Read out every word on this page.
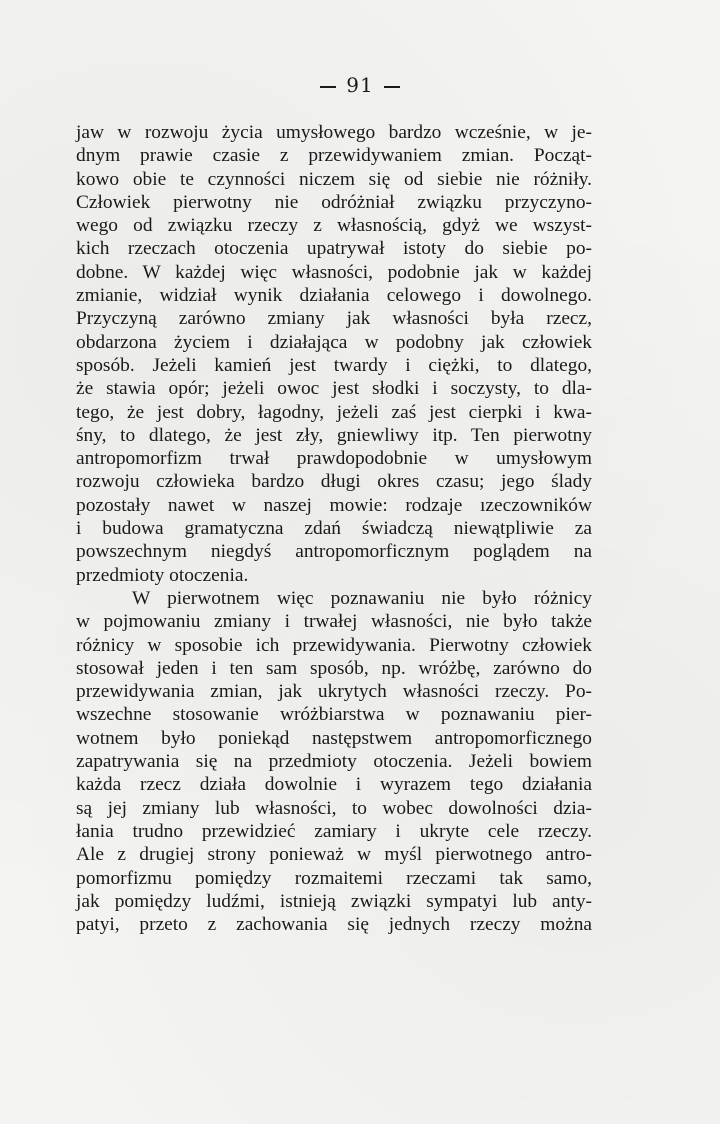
91
jaw w rozwoju życia umysłowego bardzo wcześnie, w je-
dnym prawie czasie z przewidywaniem zmian. Począt-
kowo obie te czynności niczem się od siebie nie różniły.
Człowiek pierwotny nie odróżniał związku przyczyno-
wego od związku rzeczy z własnością, gdyż we wszyst-
kich rzeczach otoczenia upatrywał istoty do siebie po-
dobne. W każdej więc własności, podobnie jak w każdej
zmianie, widział wynik działania celowego i dowolnego.
Przyczyną zarówno zmiany jak własności była rzecz,
obdarzona życiem i działająca w podobny jak człowiek
sposób. Jeżeli kamień jest twardy i ciężki, to dlatego,
że stawia opór; jeżeli owoc jest słodki i soczysty, to dla-
tego, że jest dobry, łagodny, jeżeli zaś jest cierpki i kwa-
śny, to dlatego, że jest zły, gniewliwy itp. Ten pierwotny
antropomorfizm trwał prawdopodobnie w umysłowym
rozwoju człowieka bardzo długi okres czasu; jego ślady
pozostały nawet w naszej mowie: rodzaje ızeczowników
i budowa gramatyczna zdań świadczą niewątpliwie za
powszechnym niegdyś antropomorficznym poglądem na
przedmioty otoczenia.
W pierwotnem więc poznawaniu nie było różnicy
w pojmowaniu zmiany i trwałej własności, nie było także
różnicy w sposobie ich przewidywania. Pierwotny człowiek
stosował jeden i ten sam sposób, np. wróżbę, zarówno do
przewidywania zmian, jak ukrytych własności rzeczy. Po-
wszechne stosowanie wróżbiarstwa w poznawaniu pier-
wotnem było poniekąd następstwem antropomorficznego
zapatrywania się na przedmioty otoczenia. Jeżeli bowiem
każda rzecz działa dowolnie i wyrazem tego działania
są jej zmiany lub własności, to wobec dowolności dzia-
łania trudno przewidzieć zamiary i ukryte cele rzeczy.
Ale z drugiej strony ponieważ w myśl pierwotnego antro-
pomorfizmu pomiędzy rozmaitemi rzeczami tak samo,
jak pomiędzy ludźmi, istnieją związki sympatyi lub anty-
patyi, przeto z zachowania się jednych rzeczy można
